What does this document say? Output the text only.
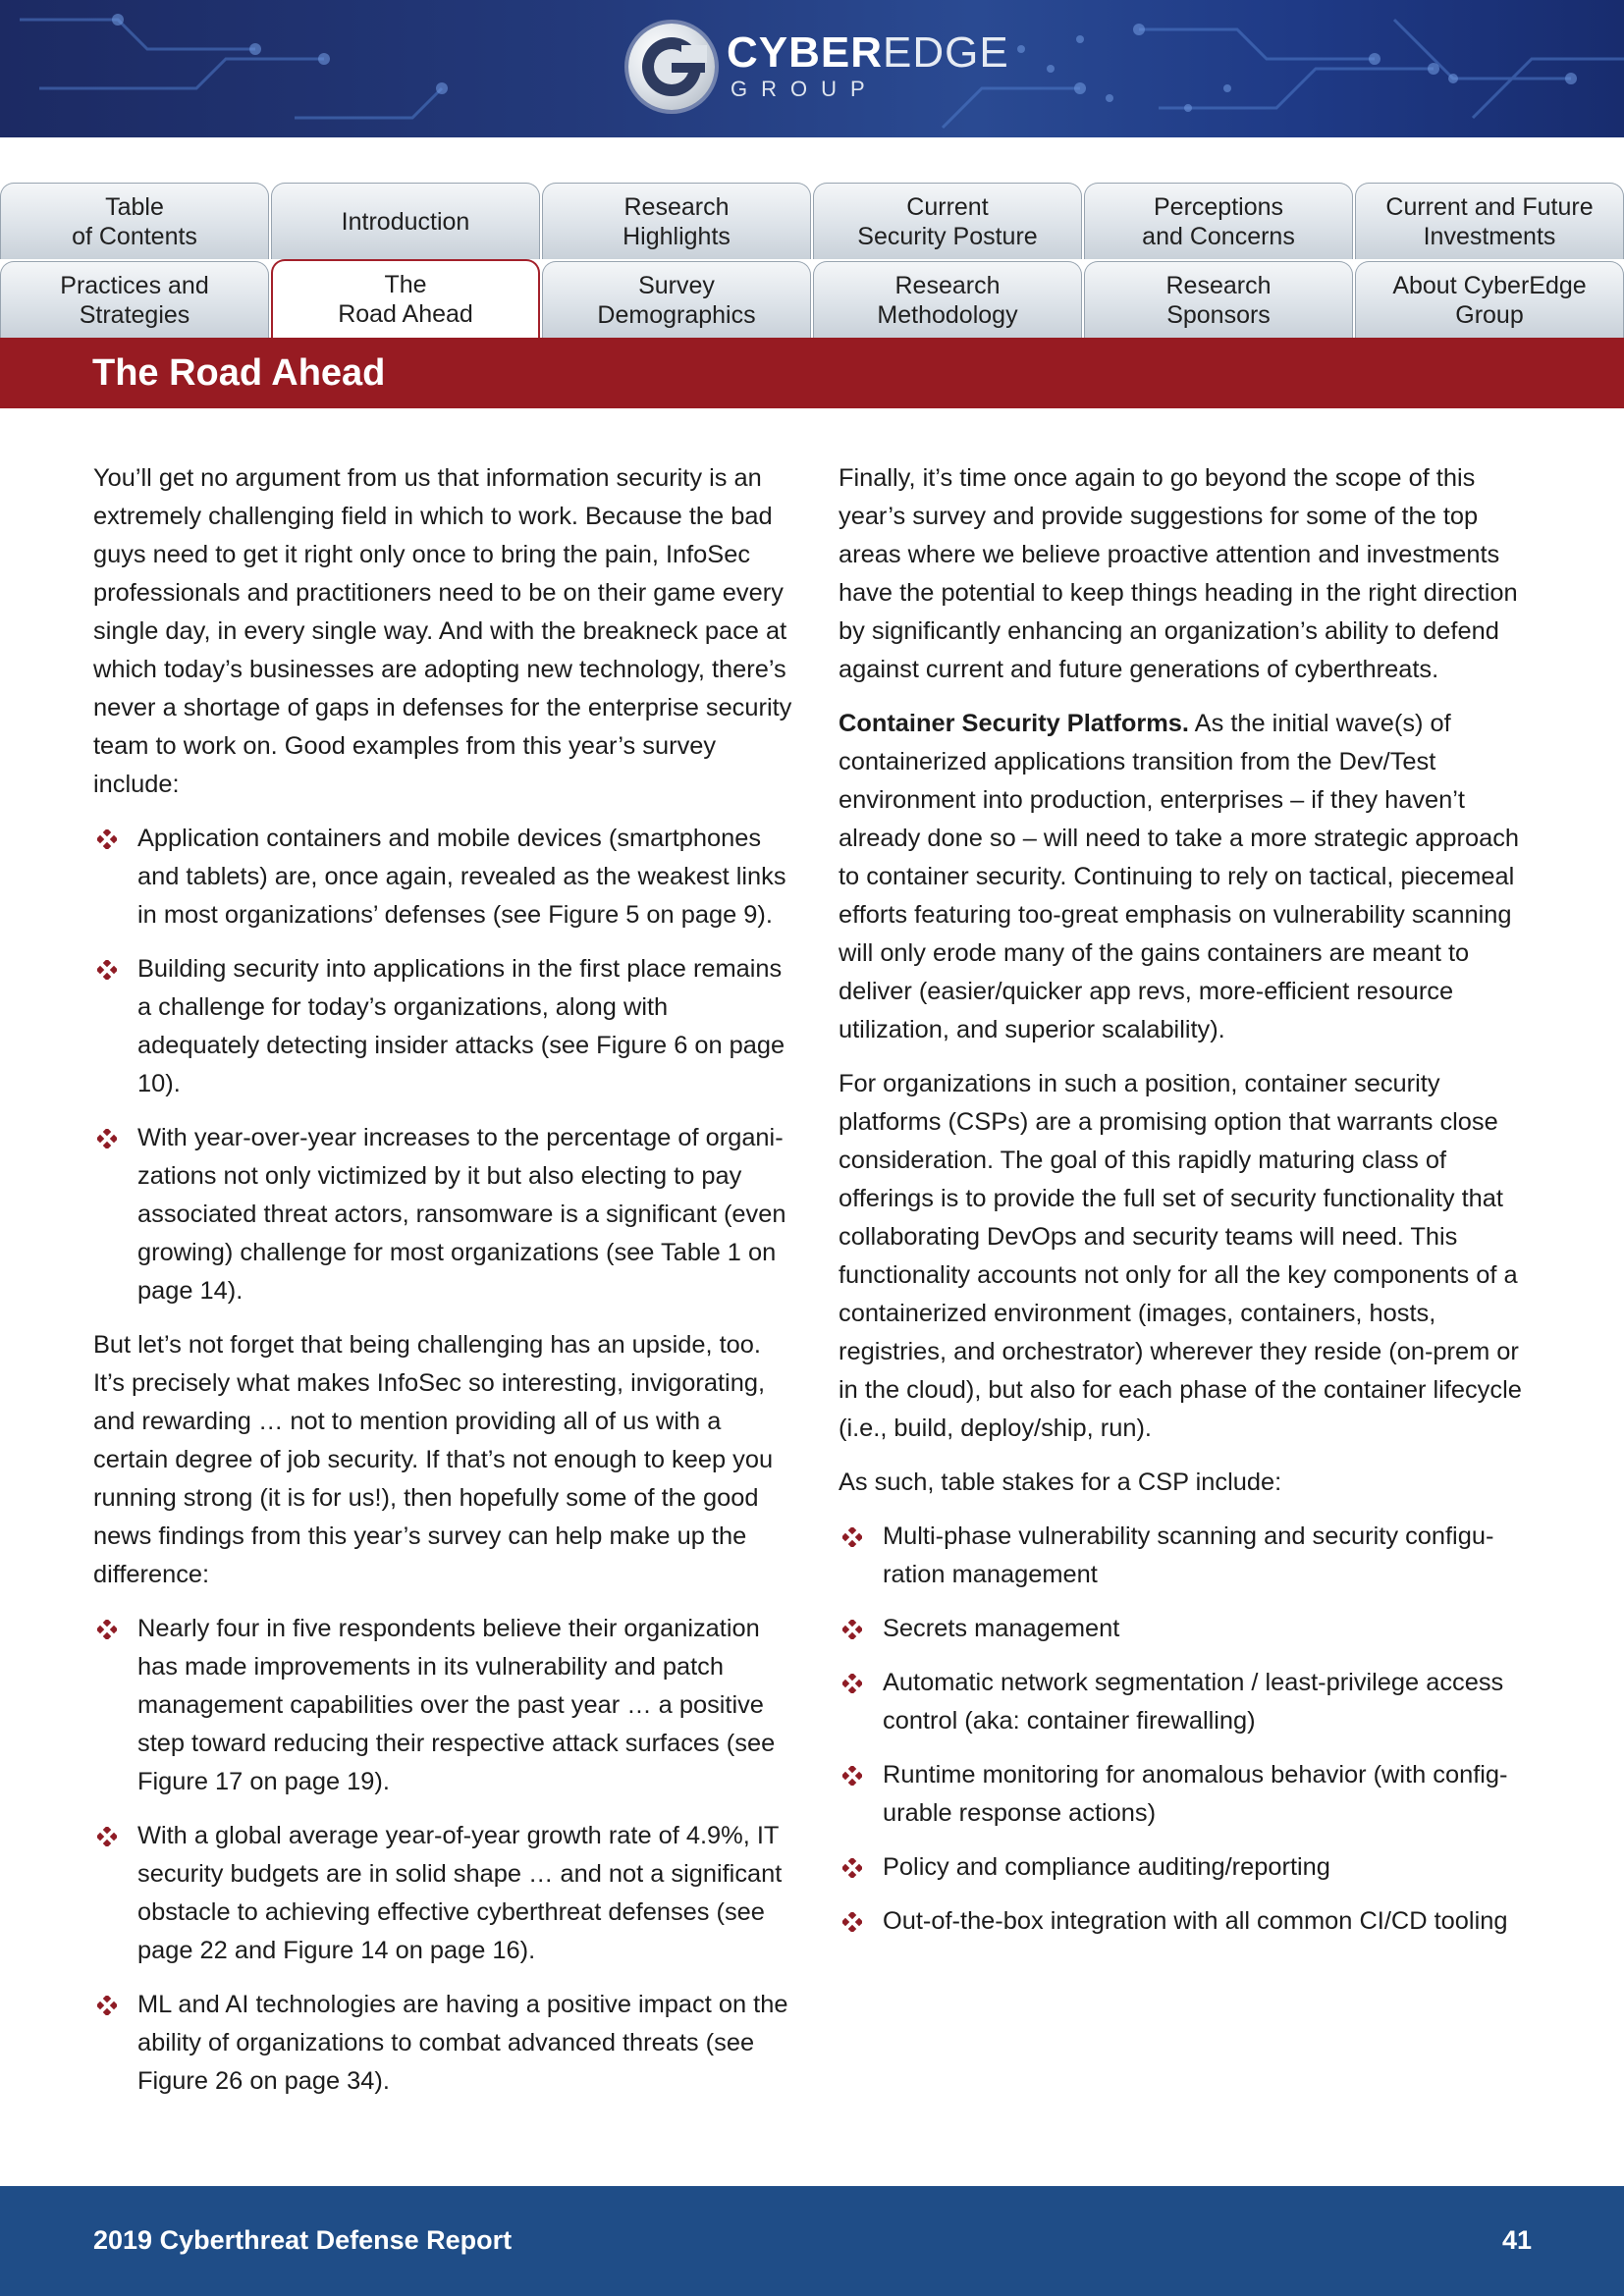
CYBEREDGE
GROUP
Table
of Contents
Introduction
Research
Highlights
Current
Security Posture
Perceptions
and Concerns
Current and Future
Investments
Practices and
Strategies
The
Road Ahead
Survey
Demographics
Research
Methodology
Research
Sponsors
About CyberEdge
Group
The Road Ahead

You’ll get no argument from us that information security is an extremely challenging field in which to work. Because the bad guys need to get it right only once to bring the pain, InfoSec professionals and practitioners need to be on their game every single day, in every single way. And with the breakneck pace at which today’s businesses are adopting new technology, there’s never a shortage of gaps in defenses for the enterprise security team to work on. Good examples from this year’s survey include:

Application containers and mobile devices (smartphones and tablets) are, once again, revealed as the weakest links in most organizations’ defenses (see Figure 5 on page 9).
Building security into applications in the first place remains a challenge for today’s organizations, along with adequately detecting insider attacks (see Figure 6 on page 10).
With year-over-year increases to the percentage of organizations not only victimized by it but also electing to pay associated threat actors, ransomware is a significant (even growing) challenge for most organizations (see Table 1 on page 14).

But let’s not forget that being challenging has an upside, too. It’s precisely what makes InfoSec so interesting, invigorating, and rewarding … not to mention providing all of us with a certain degree of job security. If that’s not enough to keep you running strong (it is for us!), then hopefully some of the good news findings from this year’s survey can help make up the difference:

Nearly four in five respondents believe their organization has made improvements in its vulnerability and patch management capabilities over the past year … a positive step toward reducing their respective attack surfaces (see Figure 17 on page 19).
With a global average year-of-year growth rate of 4.9%, IT security budgets are in solid shape … and not a significant obstacle to achieving effective cyberthreat defenses (see page 22 and Figure 14 on page 16).
ML and AI technologies are having a positive impact on the ability of organizations to combat advanced threats (see Figure 26 on page 34).

Finally, it’s time once again to go beyond the scope of this year’s survey and provide suggestions for some of the top areas where we believe proactive attention and investments have the potential to keep things heading in the right direction by significantly enhancing an organization’s ability to defend against current and future generations of cyberthreats.

Container Security Platforms. As the initial wave(s) of containerized applications transition from the Dev/Test environment into production, enterprises – if they haven’t already done so – will need to take a more strategic approach to container security. Continuing to rely on tactical, piecemeal efforts featuring too-great emphasis on vulnerability scanning will only erode many of the gains containers are meant to deliver (easier/quicker app revs, more-efficient resource utilization, and superior scalability).

For organizations in such a position, container security platforms (CSPs) are a promising option that warrants close consideration. The goal of this rapidly maturing class of offerings is to provide the full set of security functionality that collaborating DevOps and security teams will need. This functionality accounts not only for all the key components of a containerized environment (images, containers, hosts, registries, and orchestrator) wherever they reside (on-prem or in the cloud), but also for each phase of the container lifecycle (i.e., build, deploy/ship, run).

As such, table stakes for a CSP include:

Multi-phase vulnerability scanning and security configuration management
Secrets management
Automatic network segmentation / least-privilege access control (aka: container firewalling)
Runtime monitoring for anomalous behavior (with configurable response actions)
Policy and compliance auditing/reporting
Out-of-the-box integration with all common CI/CD tooling
2019 Cyberthreat Defense Report	41
